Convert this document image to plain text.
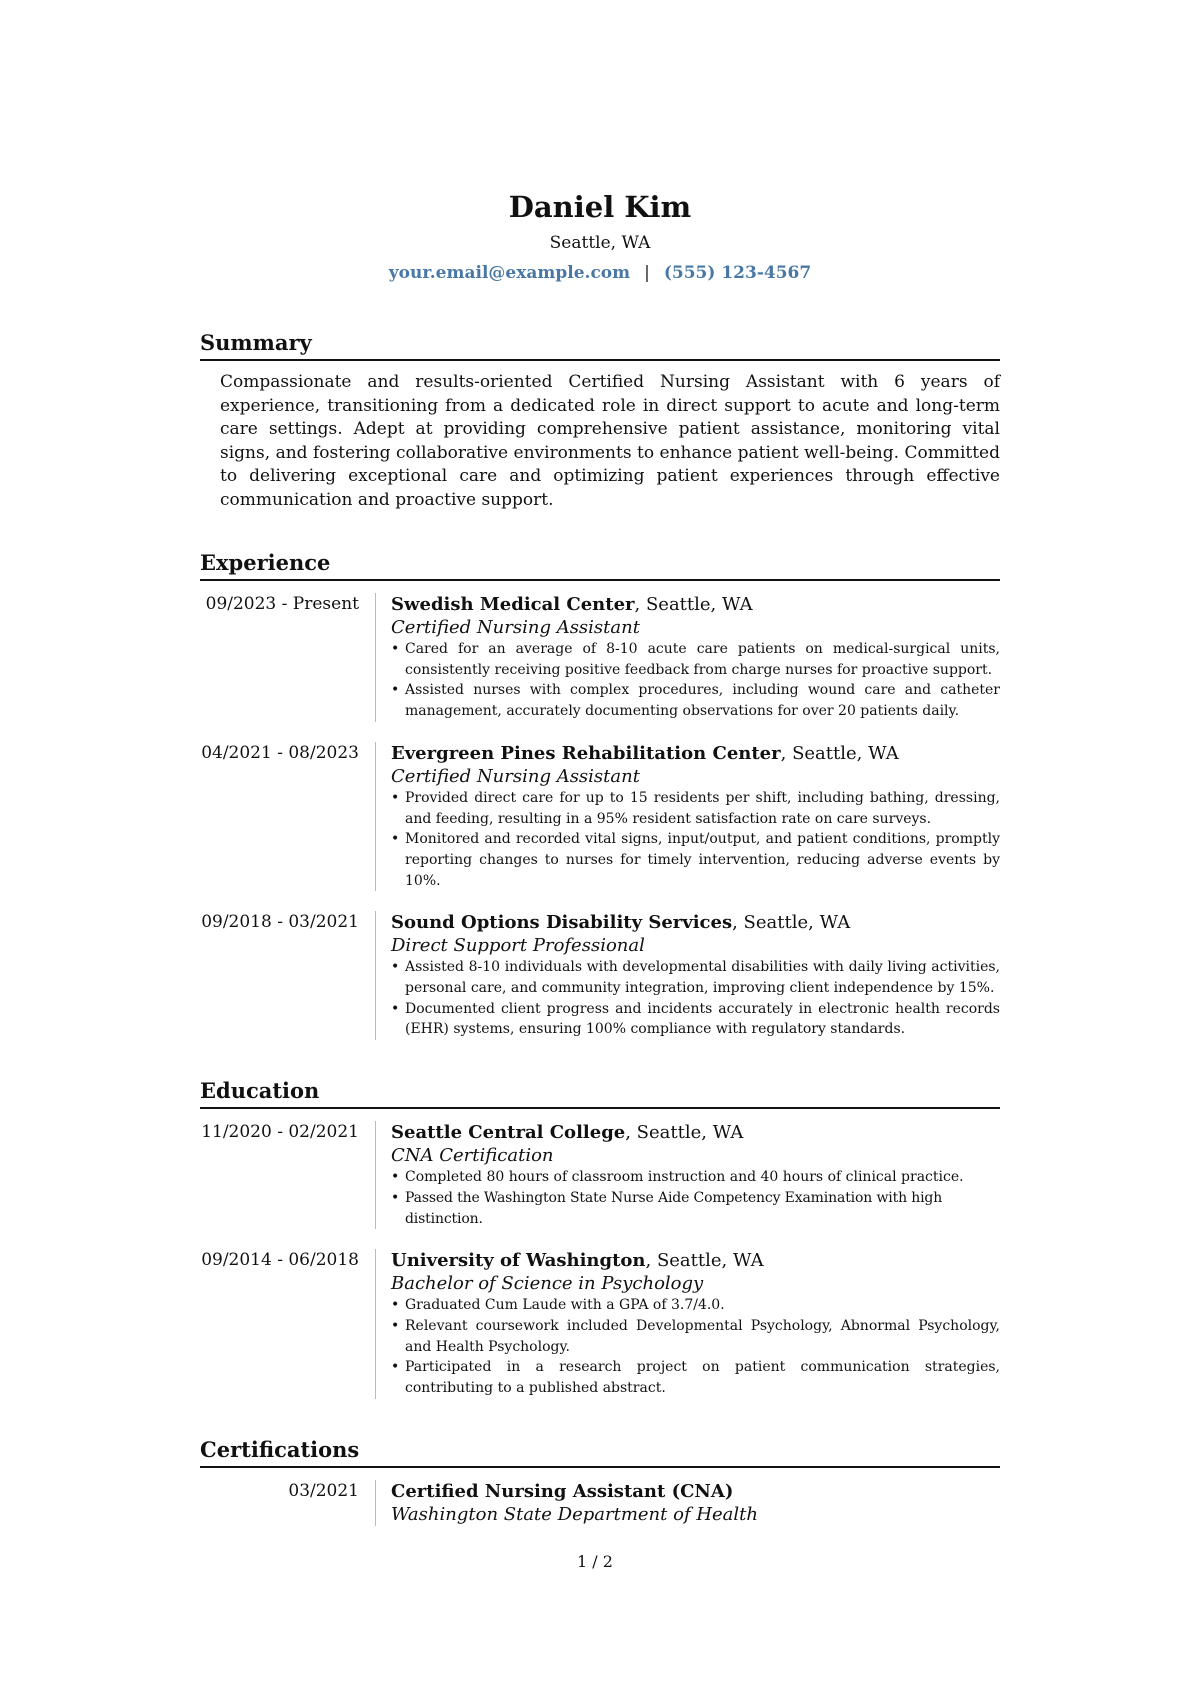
Daniel Kim
Seattle, WA
your.email@example.com | (555) 123-4567
Summary
Compassionate and results-oriented Certified Nursing Assistant with 6 years of experience, transitioning from a dedicated role in direct support to acute and long-term care settings. Adept at providing comprehensive patient assistance, monitoring vital signs, and fostering collaborative environments to enhance patient well-being. Committed to delivering exceptional care and optimizing patient experiences through effective communication and proactive support.
Experience
09/2023 - Present	Swedish Medical Center, Seattle, WA
Certified Nursing Assistant
• Cared for an average of 8-10 acute care patients on medical-surgical units, consistently receiving positive feedback from charge nurses for proactive support.
• Assisted nurses with complex procedures, including wound care and catheter management, accurately documenting observations for over 20 patients daily.
04/2021 - 08/2023	Evergreen Pines Rehabilitation Center, Seattle, WA
Certified Nursing Assistant
• Provided direct care for up to 15 residents per shift, including bathing, dressing, and feeding, resulting in a 95% resident satisfaction rate on care surveys.
• Monitored and recorded vital signs, input/output, and patient conditions, promptly reporting changes to nurses for timely intervention, reducing adverse events by 10%.
09/2018 - 03/2021	Sound Options Disability Services, Seattle, WA
Direct Support Professional
• Assisted 8-10 individuals with developmental disabilities with daily living activities, personal care, and community integration, improving client independence by 15%.
• Documented client progress and incidents accurately in electronic health records (EHR) systems, ensuring 100% compliance with regulatory standards.
Education
11/2020 - 02/2021	Seattle Central College, Seattle, WA
CNA Certification
• Completed 80 hours of classroom instruction and 40 hours of clinical practice.
• Passed the Washington State Nurse Aide Competency Examination with high distinction.
09/2014 - 06/2018	University of Washington, Seattle, WA
Bachelor of Science in Psychology
• Graduated Cum Laude with a GPA of 3.7/4.0.
• Relevant coursework included Developmental Psychology, Abnormal Psychology, and Health Psychology.
• Participated in a research project on patient communication strategies, contributing to a published abstract.
Certifications
03/2021	Certified Nursing Assistant (CNA)
Washington State Department of Health
1 / 2
